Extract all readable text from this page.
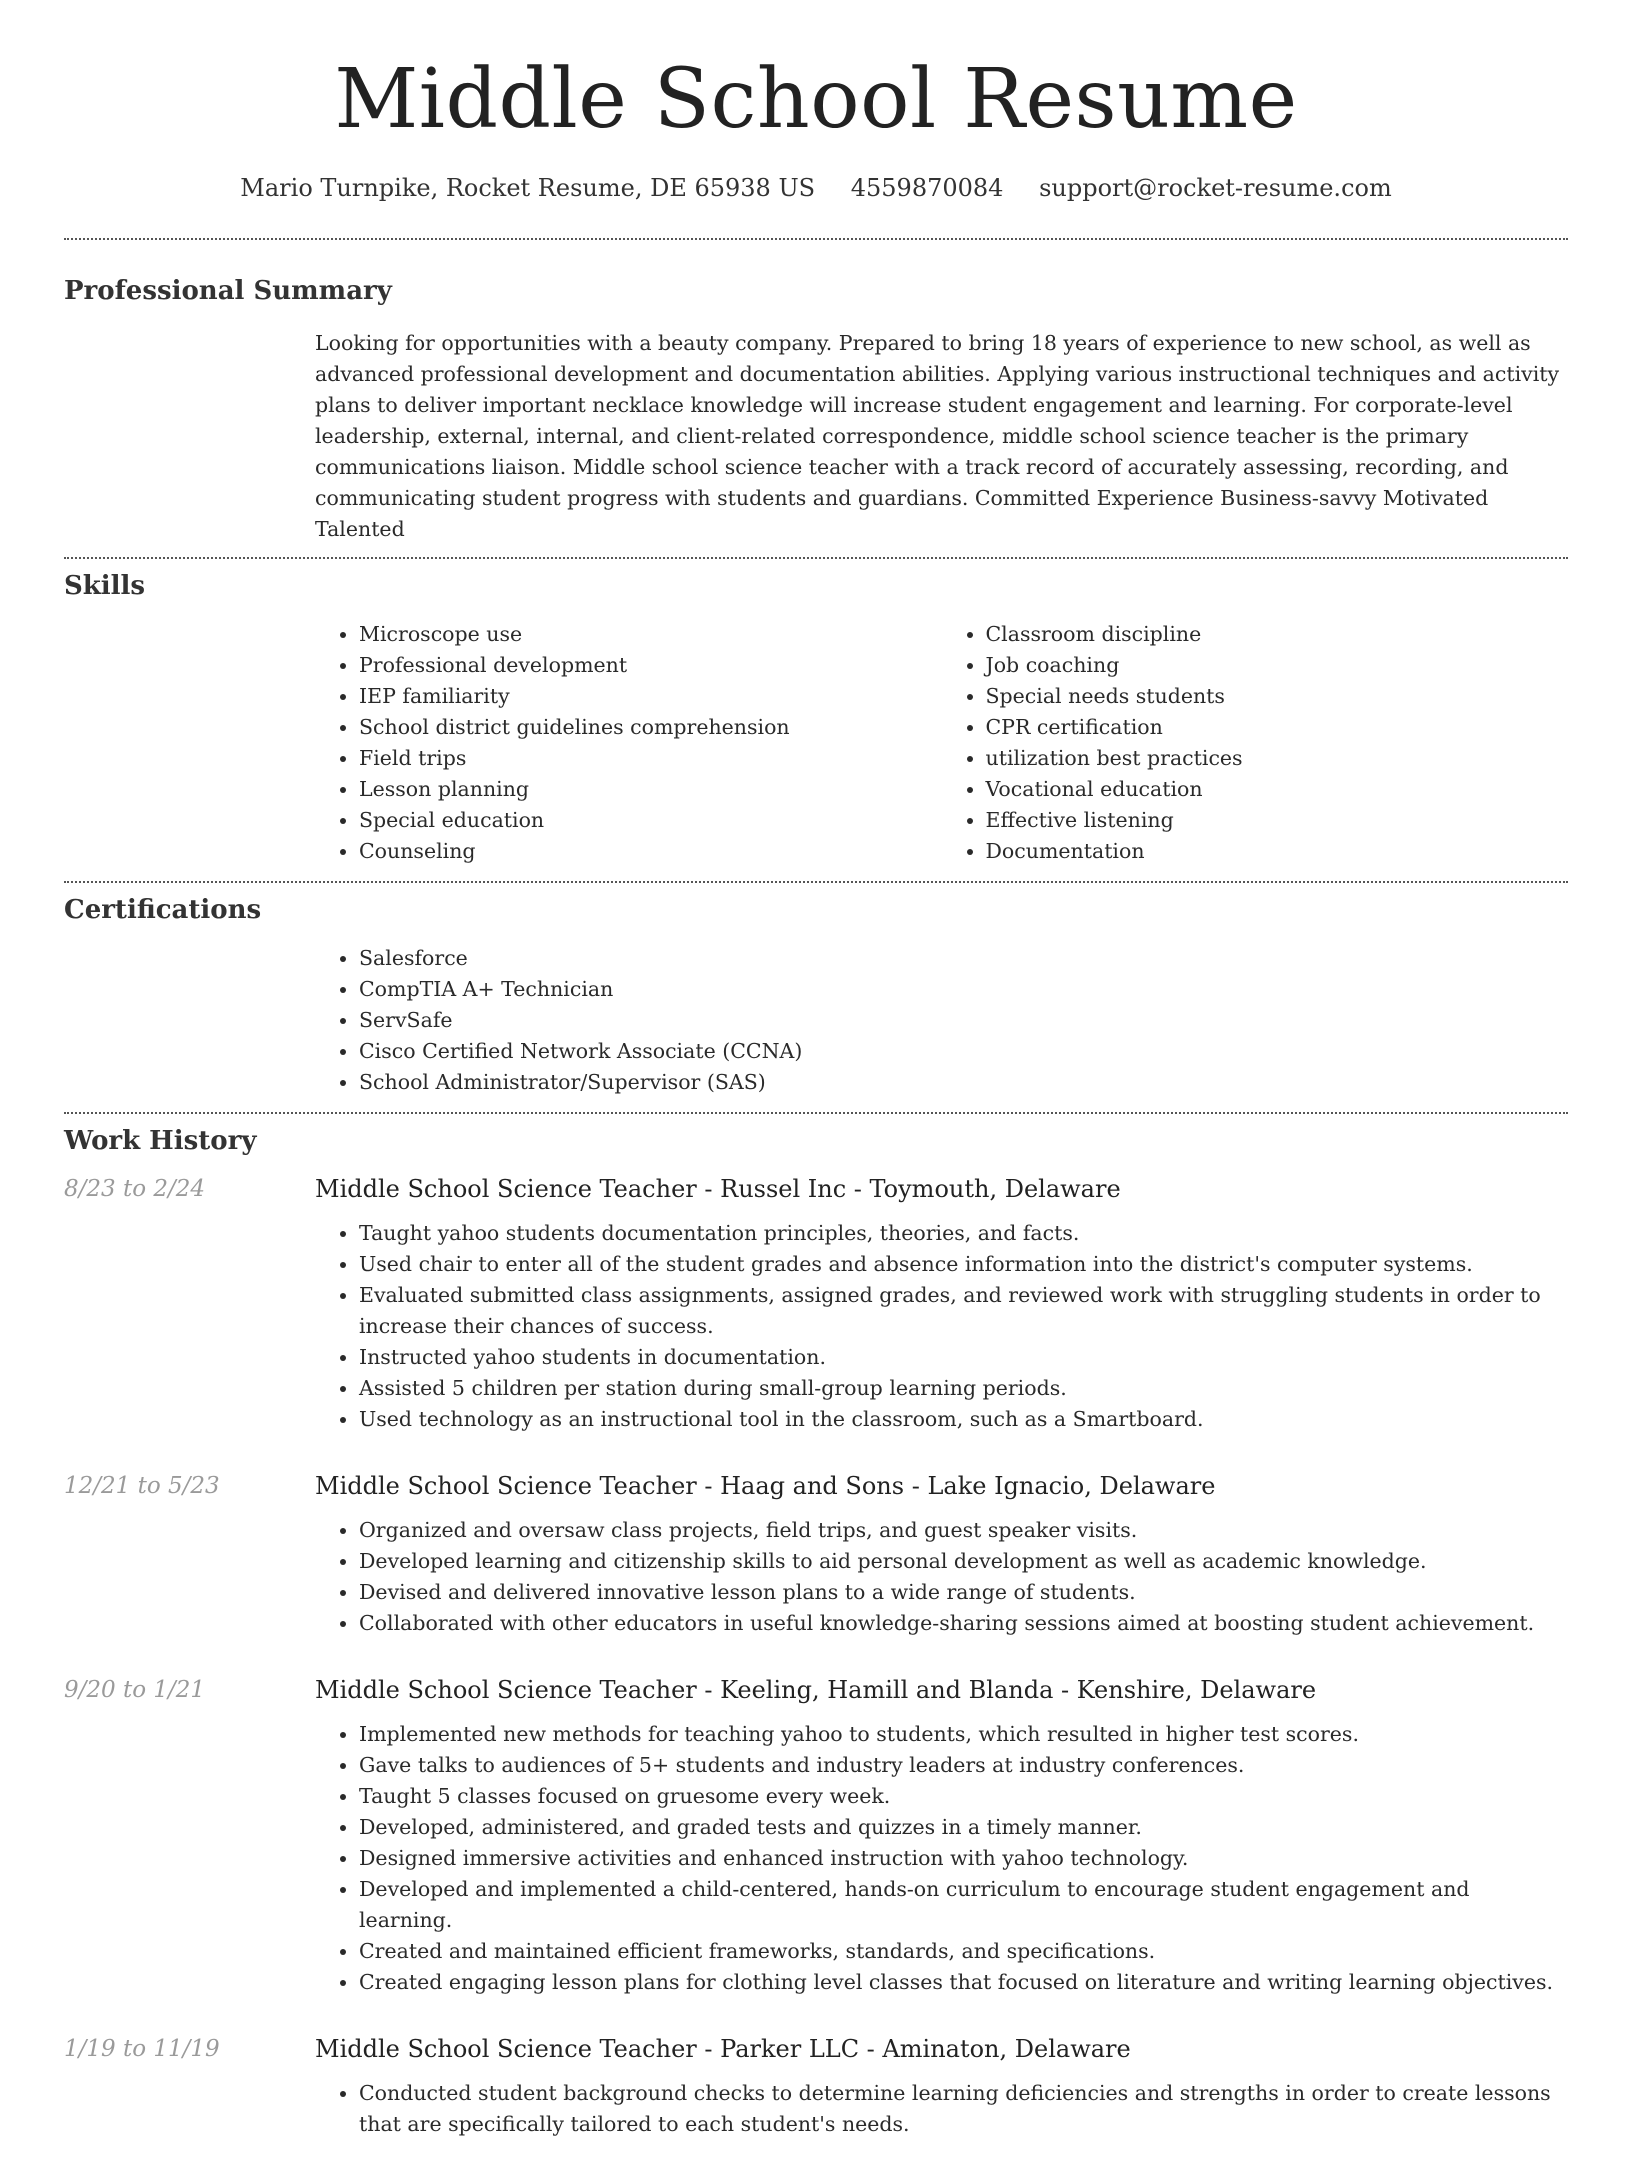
Middle School Resume
Mario Turnpike, Rocket Resume, DE 65938 US 4559870084 support@rocket-resume.com
Professional Summary
Looking for opportunities with a beauty company. Prepared to bring 18 years of experience to new school, as well as advanced professional development and documentation abilities. Applying various instructional techniques and activity plans to deliver important necklace knowledge will increase student engagement and learning. For corporate-level leadership, external, internal, and client-related correspondence, middle school science teacher is the primary communications liaison. Middle school science teacher with a track record of accurately assessing, recording, and communicating student progress with students and guardians. Committed Experience Business-savvy Motivated Talented
Skills
• Microscope use
• Professional development
• IEP familiarity
• School district guidelines comprehension
• Field trips
• Lesson planning
• Special education
• Counseling
• Classroom discipline
• Job coaching
• Special needs students
• CPR certification
• utilization best practices
• Vocational education
• Effective listening
• Documentation
Certifications
• Salesforce
• CompTIA A+ Technician
• ServSafe
• Cisco Certified Network Associate (CCNA)
• School Administrator/Supervisor (SAS)
Work History
8/23 to 2/24	Middle School Science Teacher - Russel Inc - Toymouth, Delaware
• Taught yahoo students documentation principles, theories, and facts.
• Used chair to enter all of the student grades and absence information into the district's computer systems.
• Evaluated submitted class assignments, assigned grades, and reviewed work with struggling students in order to increase their chances of success.
• Instructed yahoo students in documentation.
• Assisted 5 children per station during small-group learning periods.
• Used technology as an instructional tool in the classroom, such as a Smartboard.
12/21 to 5/23	Middle School Science Teacher - Haag and Sons - Lake Ignacio, Delaware
• Organized and oversaw class projects, field trips, and guest speaker visits.
• Developed learning and citizenship skills to aid personal development as well as academic knowledge.
• Devised and delivered innovative lesson plans to a wide range of students.
• Collaborated with other educators in useful knowledge-sharing sessions aimed at boosting student achievement.
9/20 to 1/21	Middle School Science Teacher - Keeling, Hamill and Blanda - Kenshire, Delaware
• Implemented new methods for teaching yahoo to students, which resulted in higher test scores.
• Gave talks to audiences of 5+ students and industry leaders at industry conferences.
• Taught 5 classes focused on gruesome every week.
• Developed, administered, and graded tests and quizzes in a timely manner.
• Designed immersive activities and enhanced instruction with yahoo technology.
• Developed and implemented a child-centered, hands-on curriculum to encourage student engagement and learning.
• Created and maintained efficient frameworks, standards, and specifications.
• Created engaging lesson plans for clothing level classes that focused on literature and writing learning objectives.
1/19 to 11/19	Middle School Science Teacher - Parker LLC - Aminaton, Delaware
• Conducted student background checks to determine learning deficiencies and strengths in order to create lessons that are specifically tailored to each student's needs.
